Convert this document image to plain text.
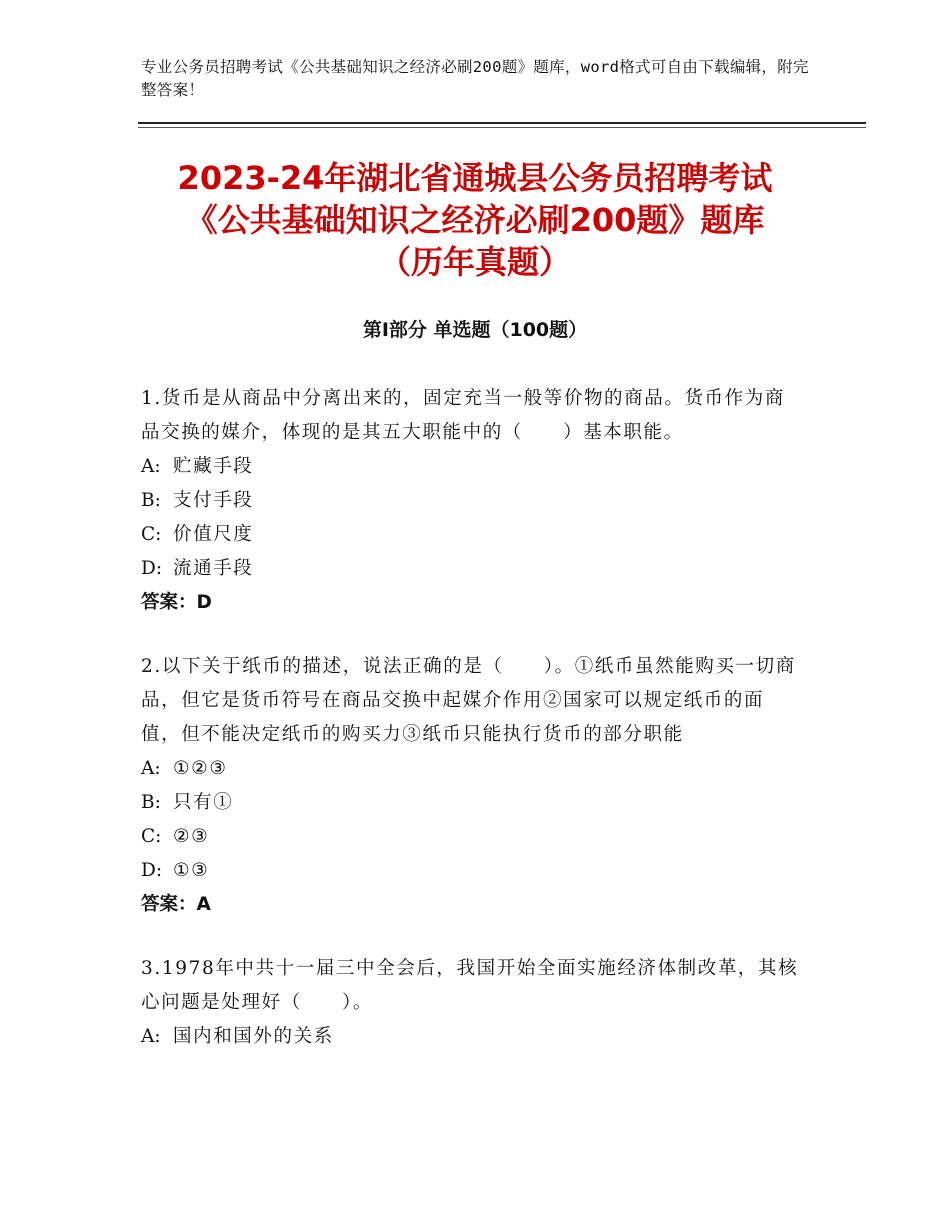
专业公务员招聘考试《公共基础知识之经济必刷200题》题库，word格式可自由下载编辑，附完整答案！
2023-24年湖北省通城县公务员招聘考试
《公共基础知识之经济必刷200题》题库
（历年真题）
第Ⅰ部分 单选题（100题）
1.货币是从商品中分离出来的，固定充当一般等价物的商品。货币作为商品交换的媒介，体现的是其五大职能中的（　　）基本职能。
A: 贮藏手段
B: 支付手段
C: 价值尺度
D: 流通手段
答案：D
2.以下关于纸币的描述，说法正确的是（　　）。①纸币虽然能购买一切商品，但它是货币符号在商品交换中起媒介作用②国家可以规定纸币的面值，但不能决定纸币的购买力③纸币只能执行货币的部分职能
A: ①②③
B: 只有①
C: ②③
D: ①③
答案：A
3.1978年中共十一届三中全会后，我国开始全面实施经济体制改革，其核心问题是处理好（　　）。
A: 国内和国外的关系
